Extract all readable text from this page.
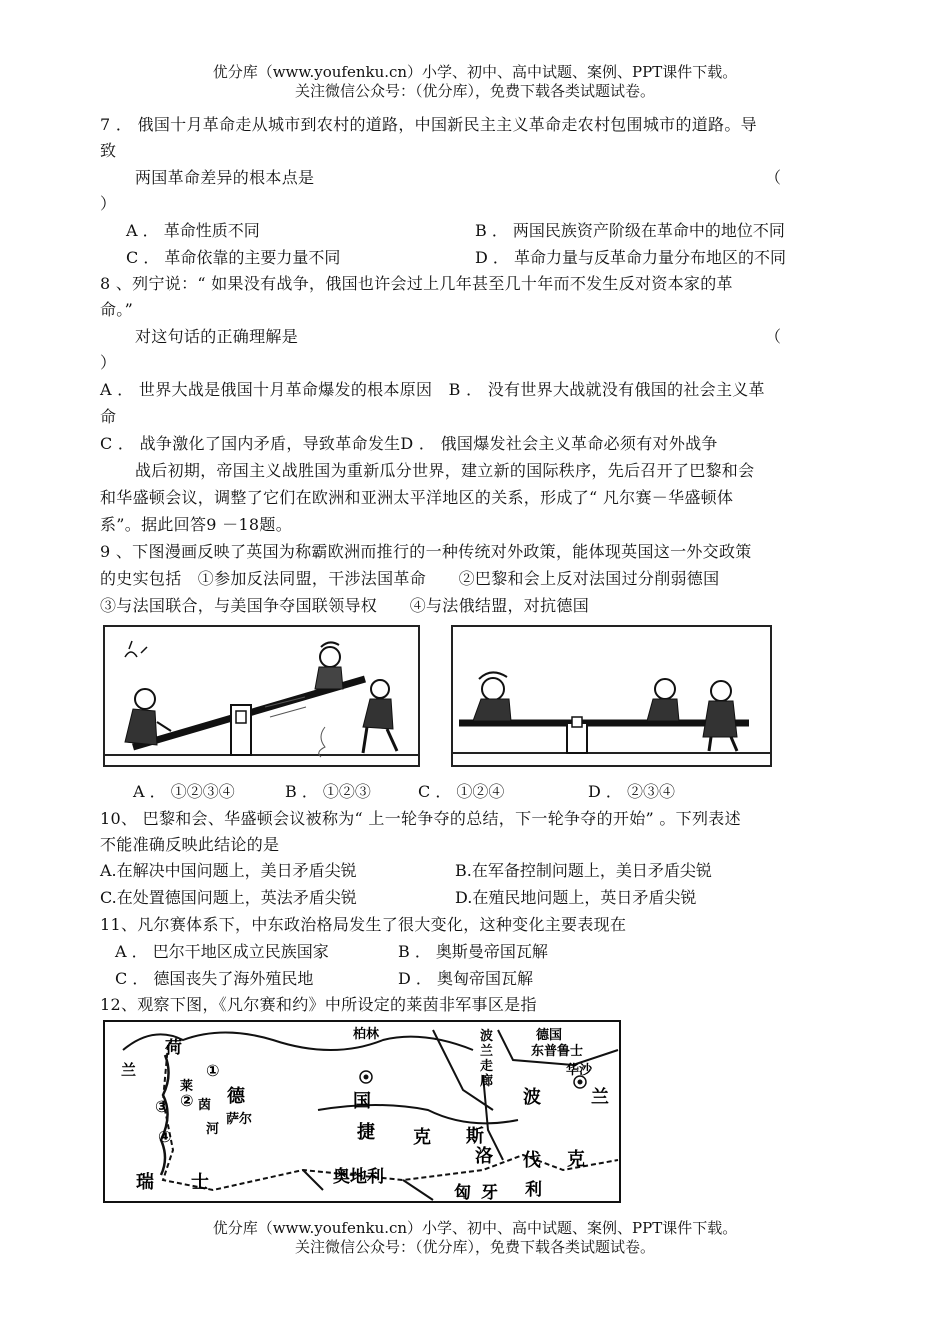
优分库（www.youfenku.cn）小学、初中、高中试题、案例、PPT课件下载。
关注微信公众号：（优分库），免费下载各类试题试卷。
7 ． 俄国十月革命走从城市到农村的道路，中国新民主主义革命走农村包围城市的道路。导
致
两国革命差异的根本点是	（
）
A ． 革命性质不同	B ． 两国民族资产阶级在革命中的地位不同
C ． 革命依靠的主要力量不同	D ． 革命力量与反革命力量分布地区的不同
8 、列宁说：“ 如果没有战争，俄国也许会过上几年甚至几十年而不发生反对资本家的革
命。”
对这句话的正确理解是	（
）
A ． 世界大战是俄国十月革命爆发的根本原因　B ． 没有世界大战就没有俄国的社会主义革
命
C ． 战争激化了国内矛盾，导致革命发生D ． 俄国爆发社会主义革命必须有对外战争
战后初期，帝国主义战胜国为重新瓜分世界，建立新的国际秩序，先后召开了巴黎和会
和华盛顿会议，调整了它们在欧洲和亚洲太平洋地区的关系，形成了“ 凡尔赛－华盛顿体
系”。据此回答9 －18题。
9 、下图漫画反映了英国为称霸欧洲而推行的一种传统对外政策，能体现英国这一外交政策
的史实包括　①参加反法同盟，干涉法国革命　　②巴黎和会上反对法国过分削弱德国
③与法国联合，与美国争夺国联领导权　　④与法俄结盟，对抗德国
A ． ①②③④	B ． ①②③	C ． ①②④	D ． ②③④
10、 巴黎和会、华盛顿会议被称为“ 上一轮争夺的总结，下一轮争夺的开始” 。下列表述
不能准确反映此结论的是
A.在解决中国问题上，美日矛盾尖锐	B.在军备控制问题上，美日矛盾尖锐
C.在处置德国问题上，英法矛盾尖锐	D.在殖民地问题上，英日矛盾尖锐
11、凡尔赛体系下，中东政治格局发生了很大变化，这种变化主要表现在
A ． 巴尔干地区成立民族国家	B ． 奥斯曼帝国瓦解
C ． 德国丧失了海外殖民地	D ． 奥匈帝国瓦解
12、观察下图，《凡尔赛和约》中所设定的莱茵非军事区是指
荷
兰	①
莱
②
③ 茵 德
萨尔
河
④
柏林
国
捷 克 斯
洛 伐 克
波
兰
走
廊
德国
东普鲁士
华沙
波	兰
瑞 士	奥地利
匈 牙 利
优分库（www.youfenku.cn）小学、初中、高中试题、案例、PPT课件下载。
关注微信公众号：（优分库），免费下载各类试题试卷。
